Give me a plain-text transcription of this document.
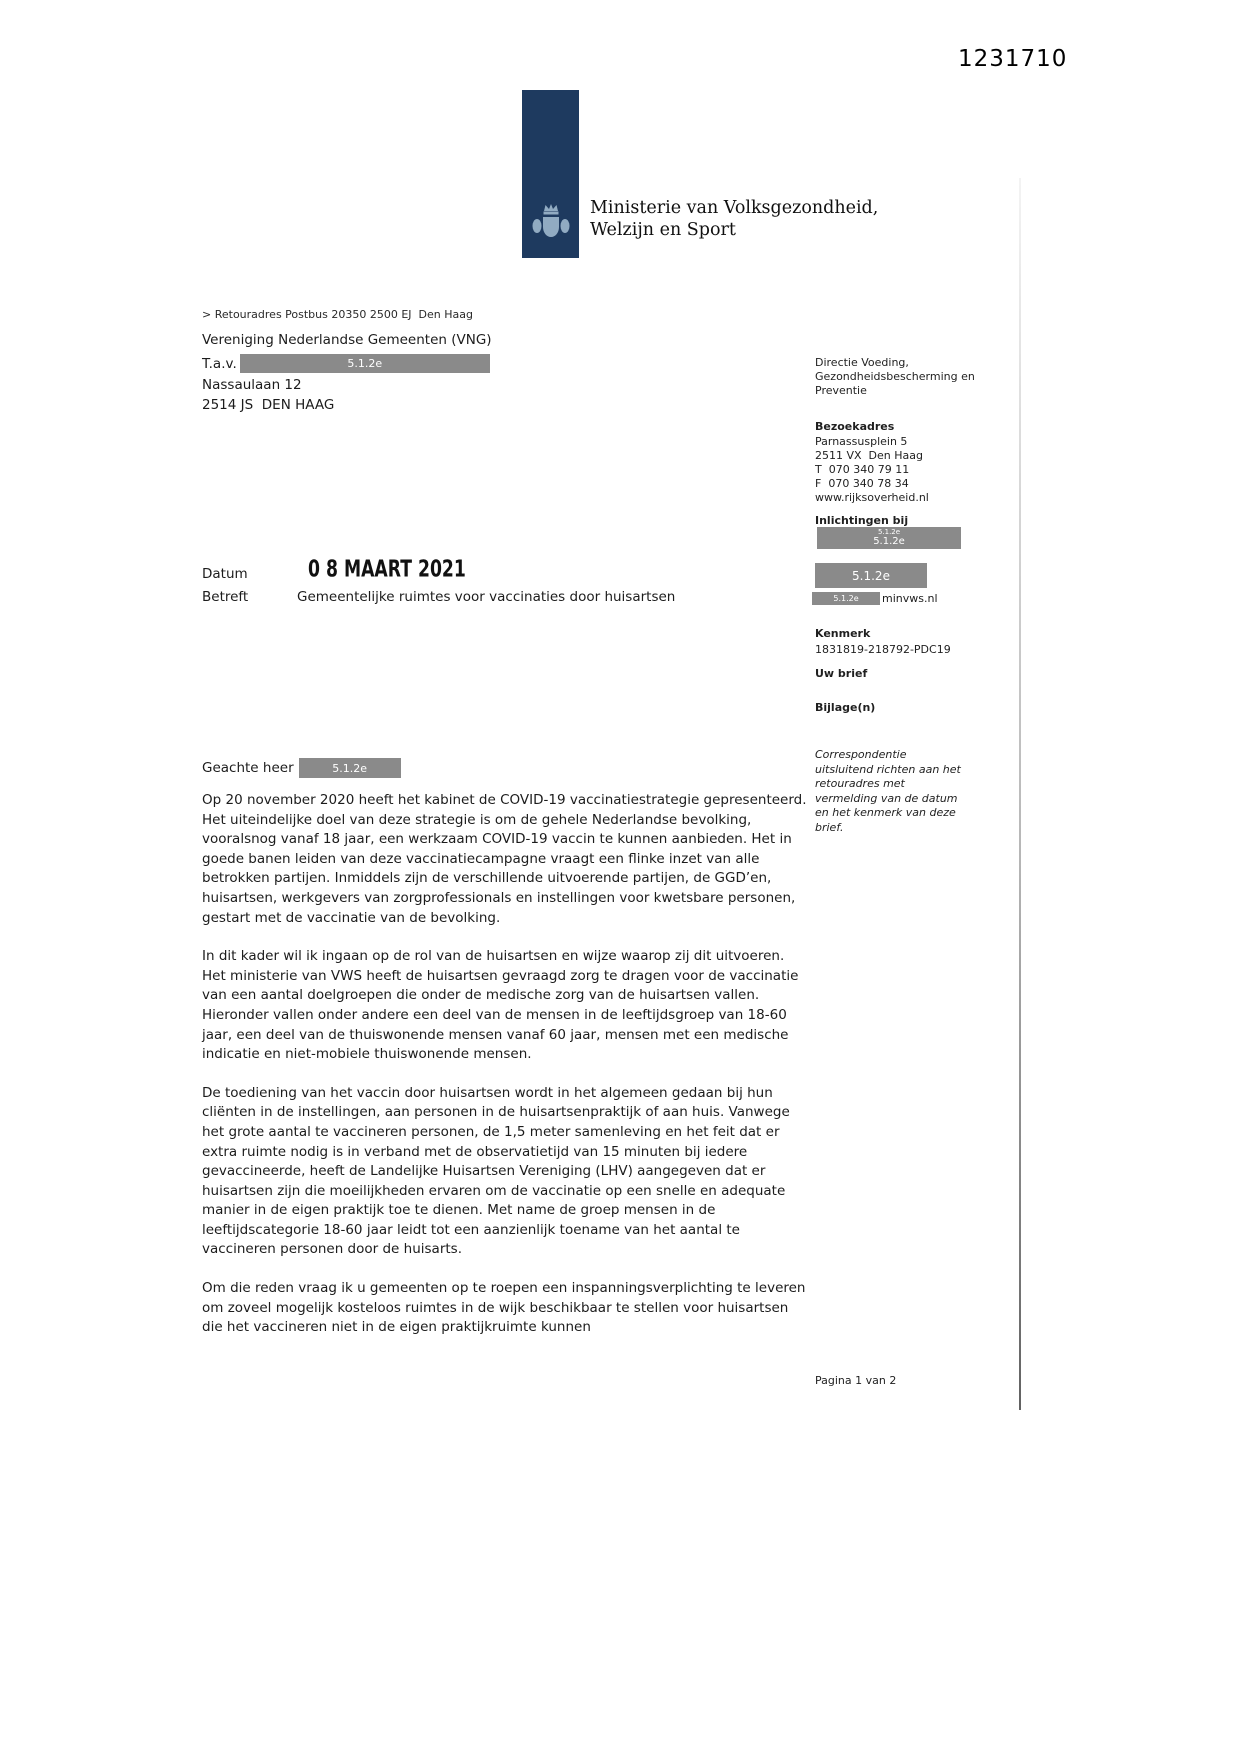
1231710
Ministerie van Volksgezondheid,
Welzijn en Sport
> Retouradres Postbus 20350 2500 EJ  Den Haag
Vereniging Nederlandse Gemeenten (VNG)
T.a.v.	5.1.2e
Nassaulaan 12
2514 JS  DEN HAAG
Datum	0 8 MAART 2021
Betreft	Gemeentelijke ruimtes voor vaccinaties door huisartsen
Directie Voeding,
Gezondheidsbescherming en
Preventie
Bezoekadres
Parnassusplein 5
2511 VX  Den Haag
T  070 340 79 11
F  070 340 78 34
www.rijksoverheid.nl
Inlichtingen bij
5.1.2e
5.1.2e
5.1.2e
5.1.2e	minvws.nl
Kenmerk
1831819-218792-PDC19
Uw brief
Bijlage(n)
Correspondentie uitsluitend richten aan het retouradres met vermelding van de datum en het kenmerk van deze brief.
Pagina 1 van 2
Geachte heer	5.1.2e

Op 20 november 2020 heeft het kabinet de COVID-19 vaccinatiestrategie gepresenteerd. Het uiteindelijke doel van deze strategie is om de gehele Nederlandse bevolking, vooralsnog vanaf 18 jaar, een werkzaam COVID-19 vaccin te kunnen aanbieden. Het in goede banen leiden van deze vaccinatiecampagne vraagt een flinke inzet van alle betrokken partijen. Inmiddels zijn de verschillende uitvoerende partijen, de GGD’en, huisartsen, werkgevers van zorgprofessionals en instellingen voor kwetsbare personen, gestart met de vaccinatie van de bevolking.

In dit kader wil ik ingaan op de rol van de huisartsen en wijze waarop zij dit uitvoeren. Het ministerie van VWS heeft de huisartsen gevraagd zorg te dragen voor de vaccinatie van een aantal doelgroepen die onder de medische zorg van de huisartsen vallen. Hieronder vallen onder andere een deel van de mensen in de leeftijdsgroep van 18-60 jaar, een deel van de thuiswonende mensen vanaf 60 jaar, mensen met een medische indicatie en niet-mobiele thuiswonende mensen.

De toediening van het vaccin door huisartsen wordt in het algemeen gedaan bij hun cliënten in de instellingen, aan personen in de huisartsenpraktijk of aan huis. Vanwege het grote aantal te vaccineren personen, de 1,5 meter samenleving en het feit dat er extra ruimte nodig is in verband met de observatietijd van 15 minuten bij iedere gevaccineerde, heeft de Landelijke Huisartsen Vereniging (LHV) aangegeven dat er huisartsen zijn die moeilijkheden ervaren om de vaccinatie op een snelle en adequate manier in de eigen praktijk toe te dienen. Met name de groep mensen in de leeftijdscategorie 18-60 jaar leidt tot een aanzienlijk toename van het aantal te vaccineren personen door de huisarts.

Om die reden vraag ik u gemeenten op te roepen een inspanningsverplichting te leveren om zoveel mogelijk kosteloos ruimtes in de wijk beschikbaar te stellen voor huisartsen die het vaccineren niet in de eigen praktijkruimte kunnen
